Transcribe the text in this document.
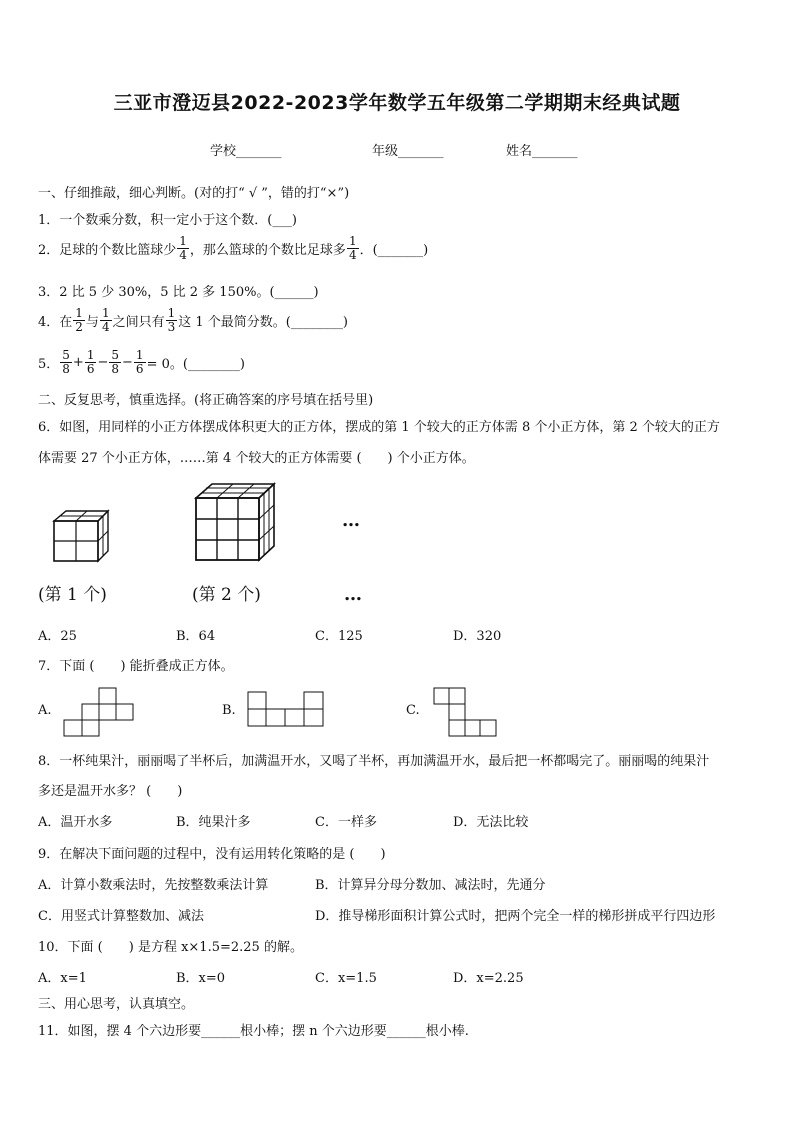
三亚市澄迈县2022-2023学年数学五年级第二学期期末经典试题
学校_______	年级_______	姓名_______
一、仔细推敲，细心判断。(对的打“ √ ”，错的打“×”)
1．一个数乘分数，积一定小于这个数．(___)
2．足球的个数比篮球少 $\frac{1}{4}$ ，那么篮球的个数比足球多 $\frac{1}{4}$ ．(_______)
3．2 比 5 少 30%，5 比 2 多 150%。(______)
4．在 $\frac{1}{2}$ 与 $\frac{1}{4}$ 之间只有 $\frac{1}{3}$ 这 1 个最简分数。(________)
5． $\frac{5}{8} + \frac{1}{6} - \frac{5}{8} - \frac{1}{6} = 0$。(________)
二、反复思考，慎重选择。(将正确答案的序号填在括号里)
6．如图，用同样的小正方体摆成体积更大的正方体，摆成的第 1 个较大的正方体需 8 个小正方体，第 2 个较大的正方
体需要 27 个小正方体，……第 4 个较大的正方体需要 (　　) 个小正方体。
…
(第 1 个)	(第 2 个)	…
A．25	B．64	C．125	D．320
7．下面 (　　) 能折叠成正方体。
A.	B.	C.
8．一杯纯果汁，丽丽喝了半杯后，加满温开水，又喝了半杯，再加满温开水，最后把一杯都喝完了。丽丽喝的纯果汁
多还是温开水多？ (　　)
A．温开水多	B．纯果汁多	C．一样多	D．无法比较
9．在解决下面问题的过程中，没有运用转化策略的是 (　　)
A．计算小数乘法时，先按整数乘法计算	B．计算异分母分数加、减法时，先通分
C．用竖式计算整数加、减法	D．推导梯形面积计算公式时，把两个完全一样的梯形拼成平行四边形
10．下面 (　　) 是方程 x×1.5=2.25 的解。
A．x=1	B．x=0	C．x=1.5	D．x=2.25
三、用心思考，认真填空。
11．如图，摆 4 个六边形要______根小棒；摆 n 个六边形要______根小棒.
